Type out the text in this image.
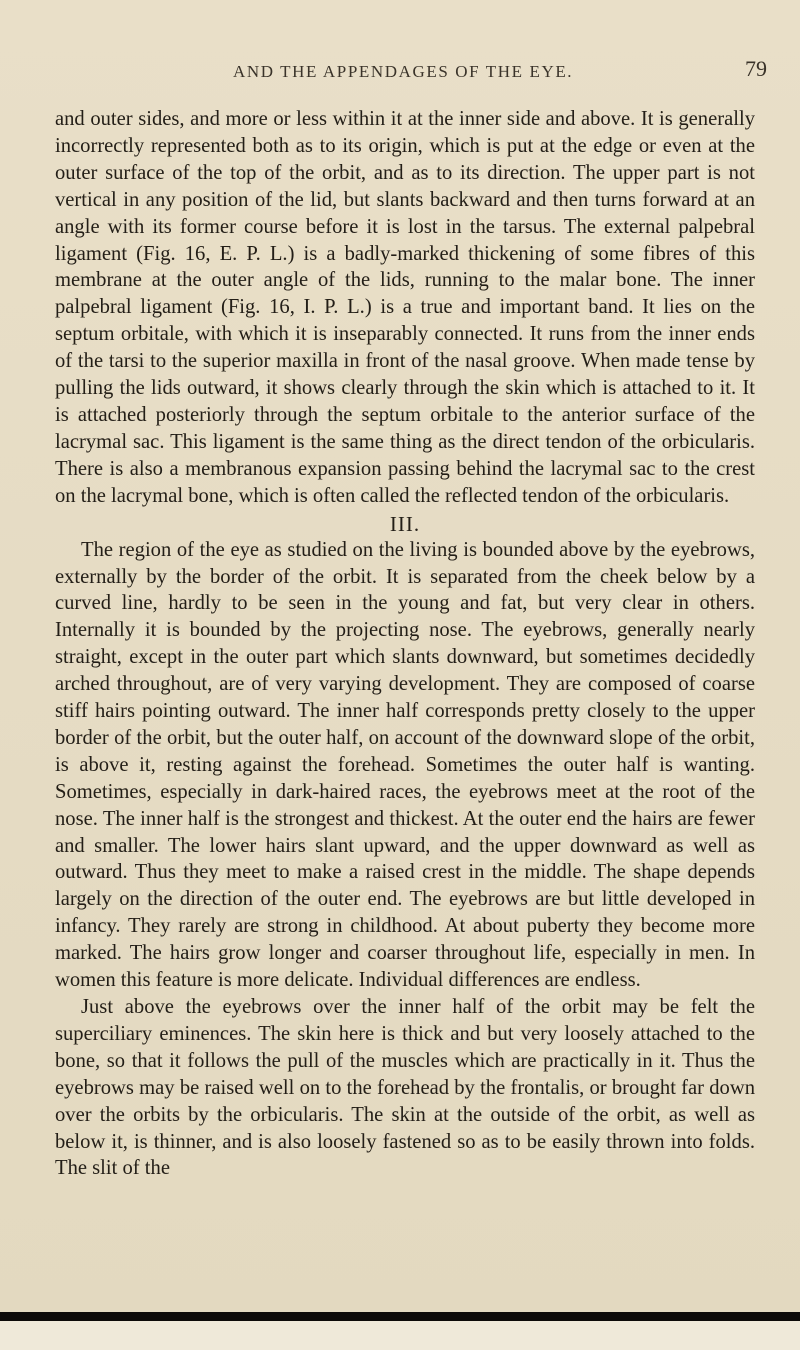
AND THE APPENDAGES OF THE EYE.	79

and outer sides, and more or less within it at the inner side and above. It is generally incorrectly represented both as to its origin, which is put at the edge or even at the outer surface of the top of the orbit, and as to its direction. The upper part is not vertical in any position of the lid, but slants backward and then turns forward at an angle with its former course before it is lost in the tarsus. The external palpebral ligament (Fig. 16, E. P. L.) is a badly-marked thickening of some fibres of this membrane at the outer angle of the lids, running to the malar bone. The inner palpebral ligament (Fig. 16, I. P. L.) is a true and important band. It lies on the septum orbitale, with which it is inseparably connected. It runs from the inner ends of the tarsi to the superior maxilla in front of the nasal groove. When made tense by pulling the lids outward, it shows clearly through the skin which is attached to it. It is attached posteriorly through the septum orbitale to the anterior surface of the lacrymal sac. This ligament is the same thing as the direct tendon of the orbicularis. There is also a membranous expansion passing behind the lacrymal sac to the crest on the lacrymal bone, which is often called the reflected tendon of the orbicularis.

III.

The region of the eye as studied on the living is bounded above by the eyebrows, externally by the border of the orbit. It is separated from the cheek below by a curved line, hardly to be seen in the young and fat, but very clear in others. Internally it is bounded by the projecting nose. The eyebrows, generally nearly straight, except in the outer part which slants downward, but sometimes decidedly arched throughout, are of very varying development. They are composed of coarse stiff hairs pointing outward. The inner half corresponds pretty closely to the upper border of the orbit, but the outer half, on account of the downward slope of the orbit, is above it, resting against the forehead. Sometimes the outer half is wanting. Sometimes, especially in dark-haired races, the eyebrows meet at the root of the nose. The inner half is the strongest and thickest. At the outer end the hairs are fewer and smaller. The lower hairs slant upward, and the upper downward as well as outward. Thus they meet to make a raised crest in the middle. The shape depends largely on the direction of the outer end. The eyebrows are but little developed in infancy. They rarely are strong in childhood. At about puberty they become more marked. The hairs grow longer and coarser throughout life, especially in men. In women this feature is more delicate. Individual differences are endless.

Just above the eyebrows over the inner half of the orbit may be felt the superciliary eminences. The skin here is thick and but very loosely attached to the bone, so that it follows the pull of the muscles which are practically in it. Thus the eyebrows may be raised well on to the forehead by the frontalis, or brought far down over the orbits by the orbicularis. The skin at the outside of the orbit, as well as below it, is thinner, and is also loosely fastened so as to be easily thrown into folds. The slit of the
